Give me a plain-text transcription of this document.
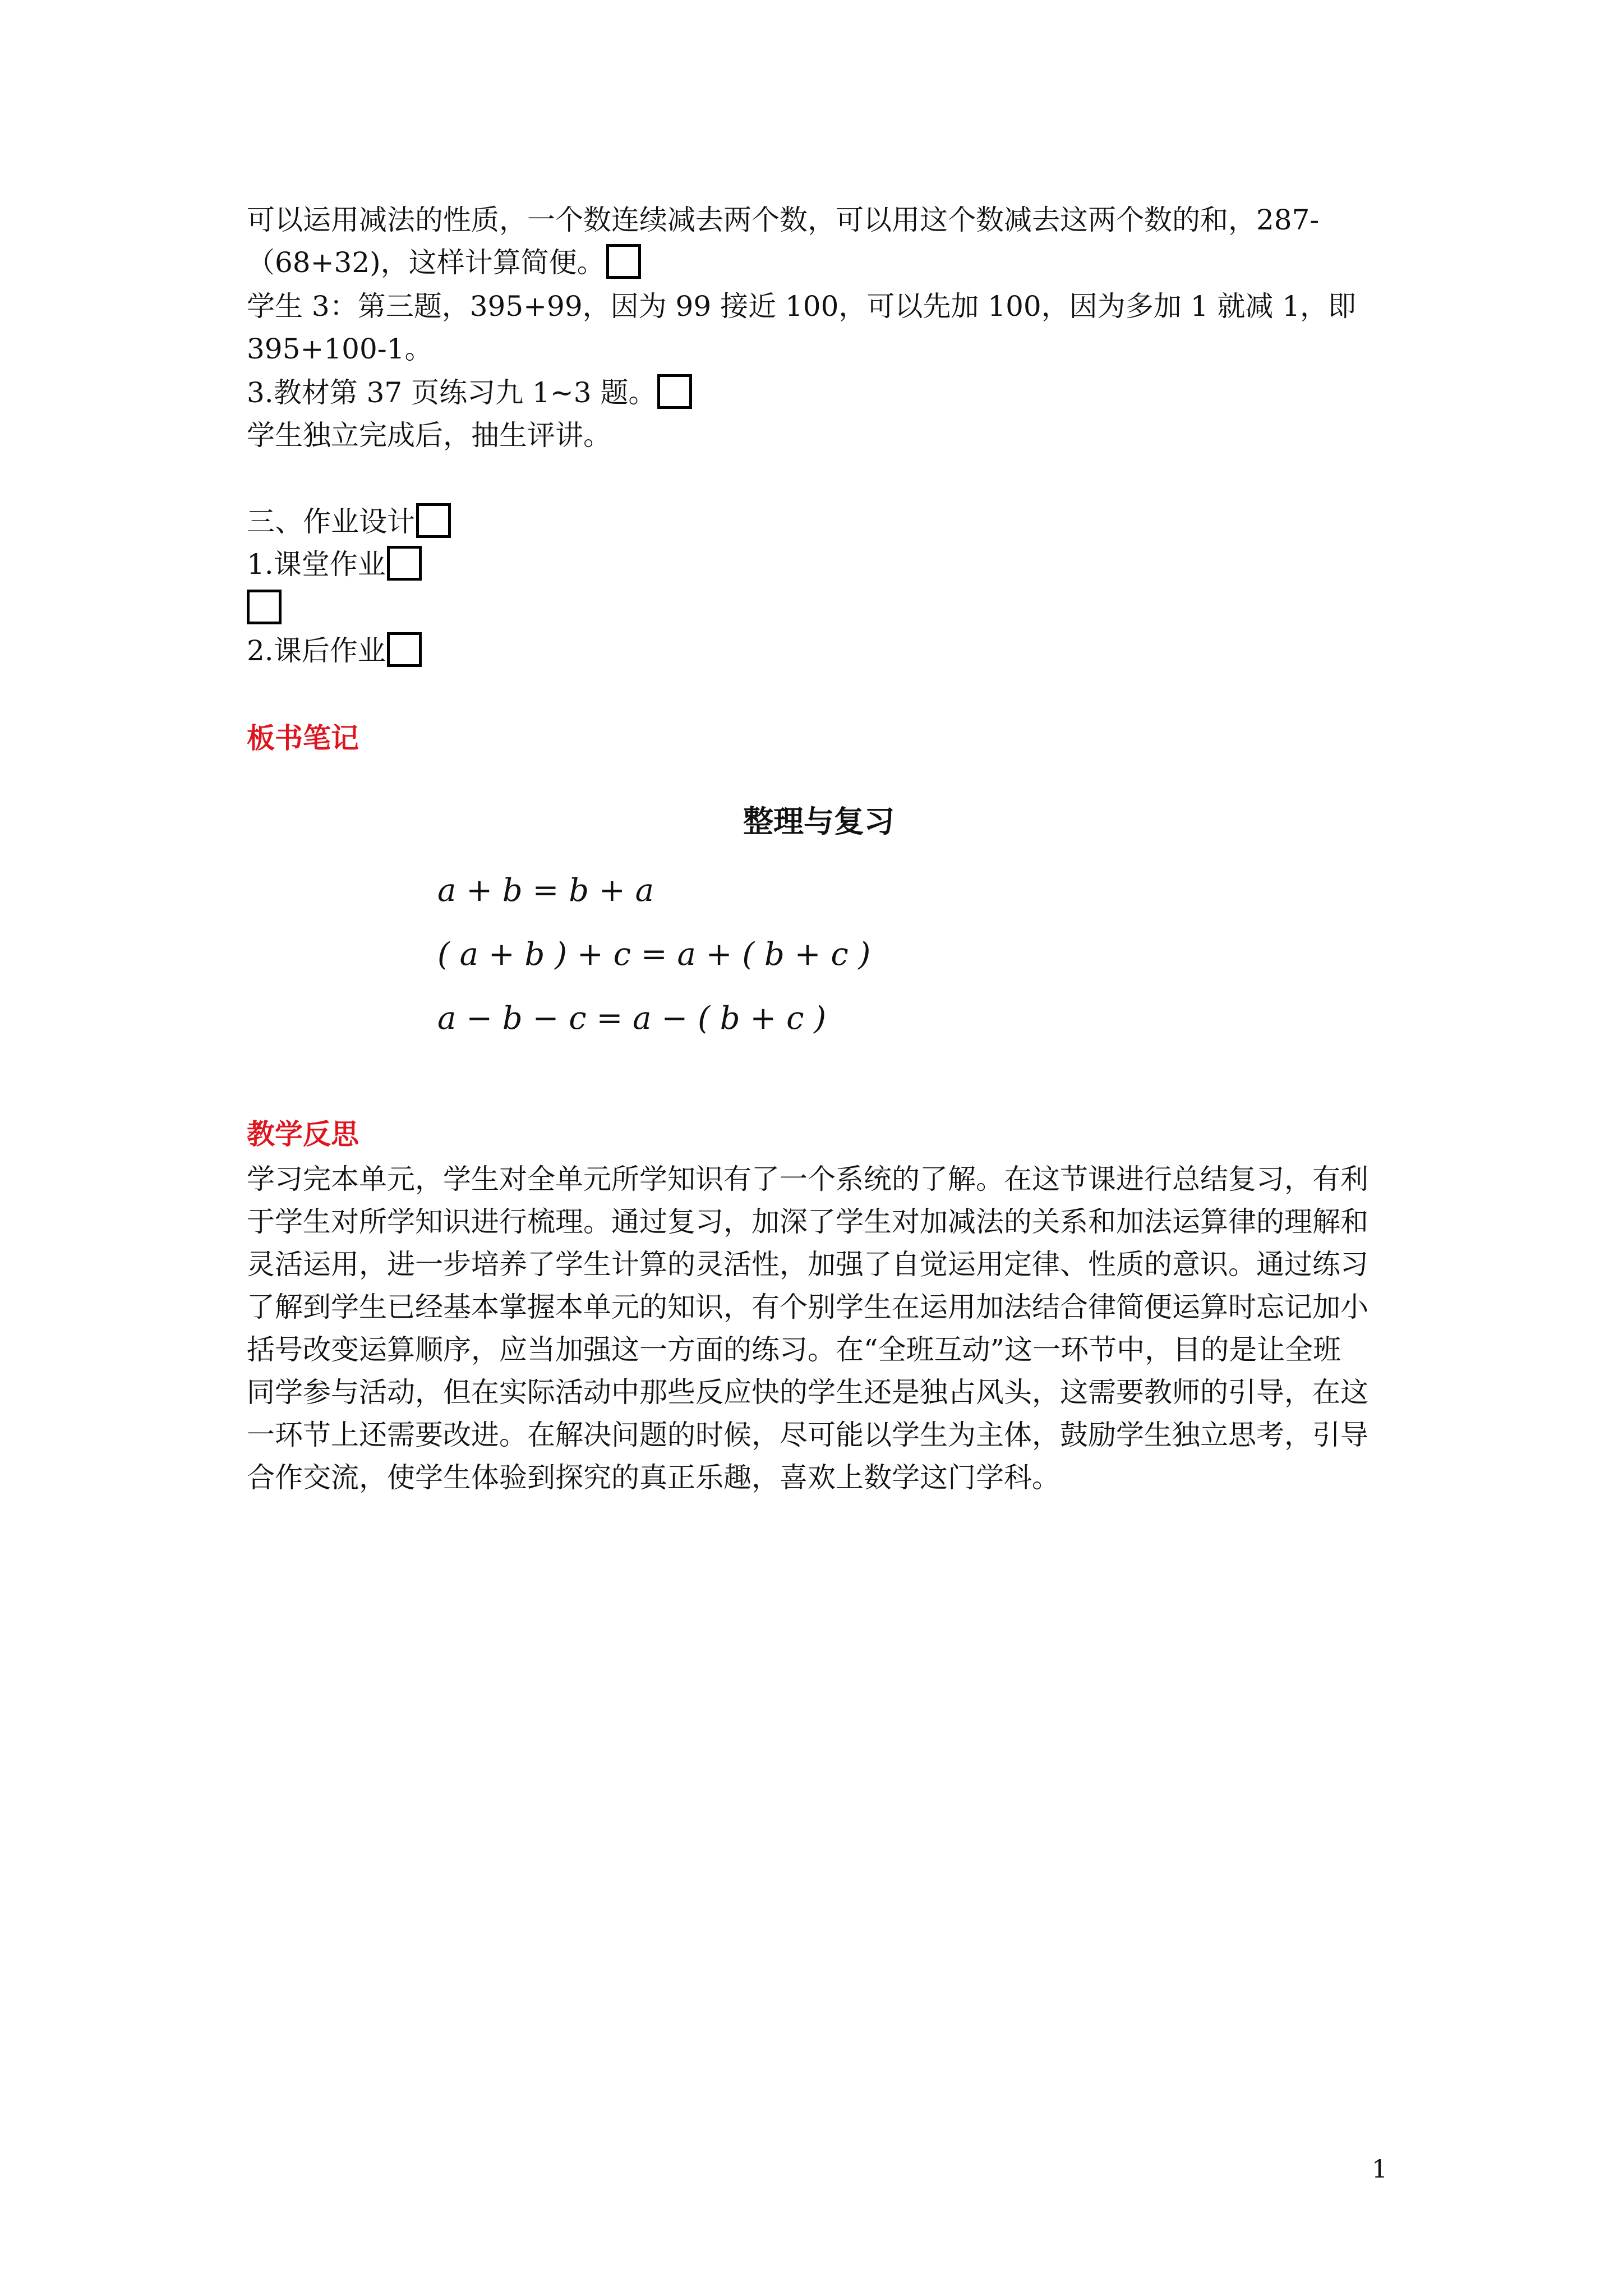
可以运用减法的性质，一个数连续减去两个数，可以用这个数减去这两个数的和，287-
（68+32)，这样计算简便。
学生 3：第三题，395+99，因为 99 接近 100，可以先加 100，因为多加 1 就减 1，即
395+100-1。
3.教材第 37 页练习九 1~3 题。
学生独立完成后，抽生评讲。
三、作业设计
1.课堂作业
2.课后作业
板书笔记
整理与复习
a + b = b + a
( a + b ) + c = a + ( b + c )
a − b − c = a − ( b + c )
教学反思
学习完本单元，学生对全单元所学知识有了一个系统的了解。在这节课进行总结复习，有利
于学生对所学知识进行梳理。通过复习，加深了学生对加减法的关系和加法运算律的理解和
灵活运用，进一步培养了学生计算的灵活性，加强了自觉运用定律、性质的意识。通过练习
了解到学生已经基本掌握本单元的知识，有个别学生在运用加法结合律简便运算时忘记加小
括号改变运算顺序，应当加强这一方面的练习。在“全班互动”这一环节中，目的是让全班
同学参与活动，但在实际活动中那些反应快的学生还是独占风头，这需要教师的引导，在这
一环节上还需要改进。在解决问题的时候，尽可能以学生为主体，鼓励学生独立思考，引导
合作交流，使学生体验到探究的真正乐趣，喜欢上数学这门学科。
1
